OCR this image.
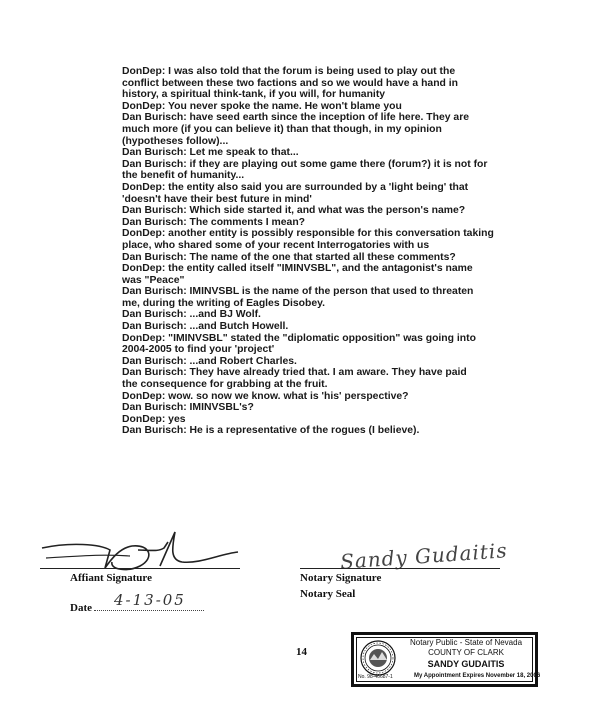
DonDep: I was also told that the forum is being used to play out the
conflict between these two factions and so we would have a hand in
history, a spiritual think-tank, if you will, for humanity
DonDep: You never spoke the name. He won't blame you
Dan Burisch: have seed earth since the inception of life here. They are
much more (if you can believe it) than that though, in my opinion
(hypotheses follow)...
Dan Burisch: Let me speak to that...
Dan Burisch: if they are playing out some game there (forum?) it is not for
the benefit of humanity...
DonDep: the entity also said you are surrounded by a 'light being' that
'doesn't have their best future in mind'
Dan Burisch: Which side started it, and what was the person's name?
Dan Burisch: The comments I mean?
DonDep: another entity is possibly responsible for this conversation taking
place, who shared some of your recent Interrogatories with us
Dan Burisch: The name of the one that started all these comments?
DonDep: the entity called itself "IMINVSBL", and the antagonist's name
was "Peace"
Dan Burisch: IMINVSBL is the name of the person that used to threaten
me, during the writing of Eagles Disobey.
Dan Burisch: ...and BJ Wolf.
Dan Burisch: ...and Butch Howell.
DonDep: "IMINVSBL" stated the "diplomatic opposition" was going into
2004-2005 to find your 'project'
Dan Burisch: ...and Robert Charles.
Dan Burisch: They have already tried that. I am aware. They have paid
the consequence for grabbing at the fruit.
DonDep: wow. so now we know. what is 'his' perspective?
Dan Burisch: IMINVSBL's?
DonDep: yes
Dan Burisch: He is a representative of the rogues (I believe).
Affiant Signature
Date 4-13-05
Sandy Gudaitis
Notary Signature
Notary Seal
14
Notary Public - State of Nevada
COUNTY OF CLARK
SANDY GUDAITIS
My Appointment Expires November 18, 2006
No. 98-46687-1
